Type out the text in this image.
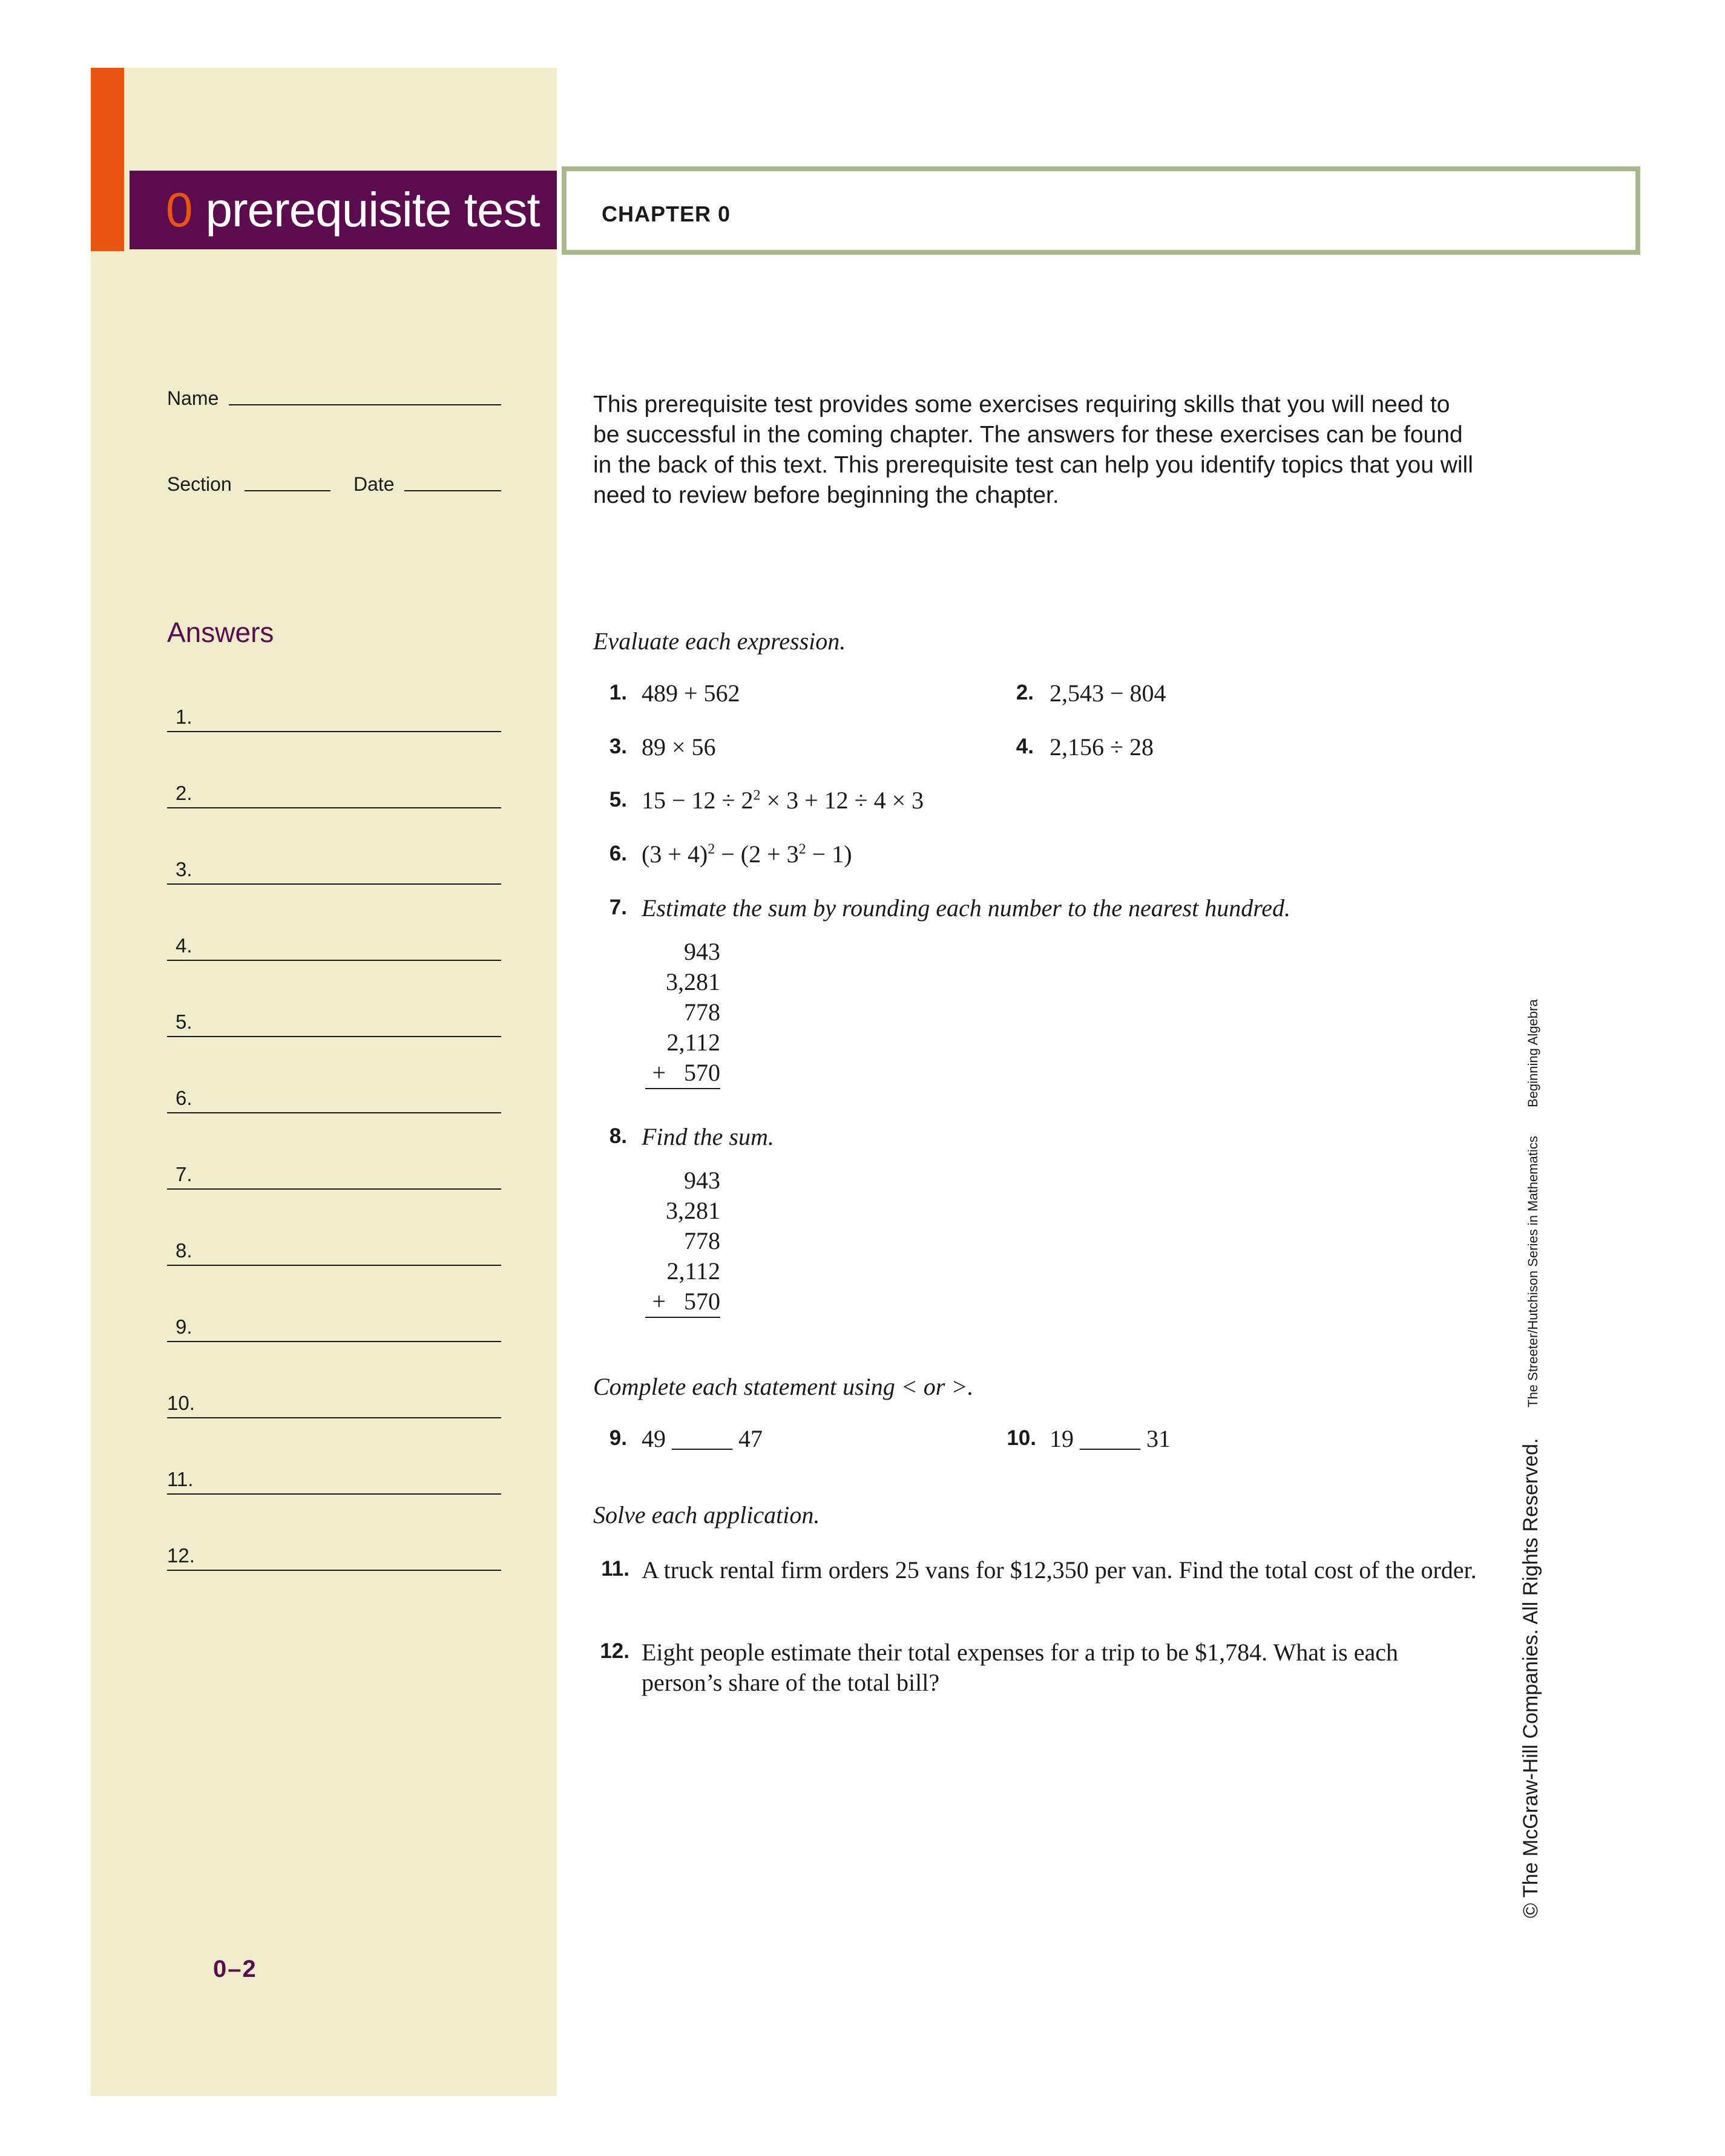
0 prerequisite test	CHAPTER 0
Name
Section	Date
Answers
1.
2.
3.
4.
5.
6.
7.
8.
9.
10.
11.
12.
0–2
This prerequisite test provides some exercises requiring skills that you will need to be successful in the coming chapter. The answers for these exercises can be found in the back of this text. This prerequisite test can help you identify topics that you will need to review before beginning the chapter.
Evaluate each expression.
1. 489 + 562	2. 2,543 − 804
3. 89 × 56	4. 2,156 ÷ 28
5. $15 - 12 \div 2^2 \times 3 + 12 \div 4 \times 3$
6. $(3 + 4)^2 - (2 + 3^2 - 1)$
7. Estimate the sum by rounding each number to the nearest hundred.
943
3,281
778
2,112
+   570
8. Find the sum.
943
3,281
778
2,112
+   570
Complete each statement using < or >.
9. 49 _____ 47	10. 19 _____ 31
Solve each application.
11. A truck rental firm orders 25 vans for $12,350 per van. Find the total cost of the order.
12. Eight people estimate their total expenses for a trip to be $1,784. What is each person’s share of the total bill?	© The McGraw-Hill Companies. All Rights Reserved.
The Streeter/Hutchison Series in Mathematics
Beginning Algebra
